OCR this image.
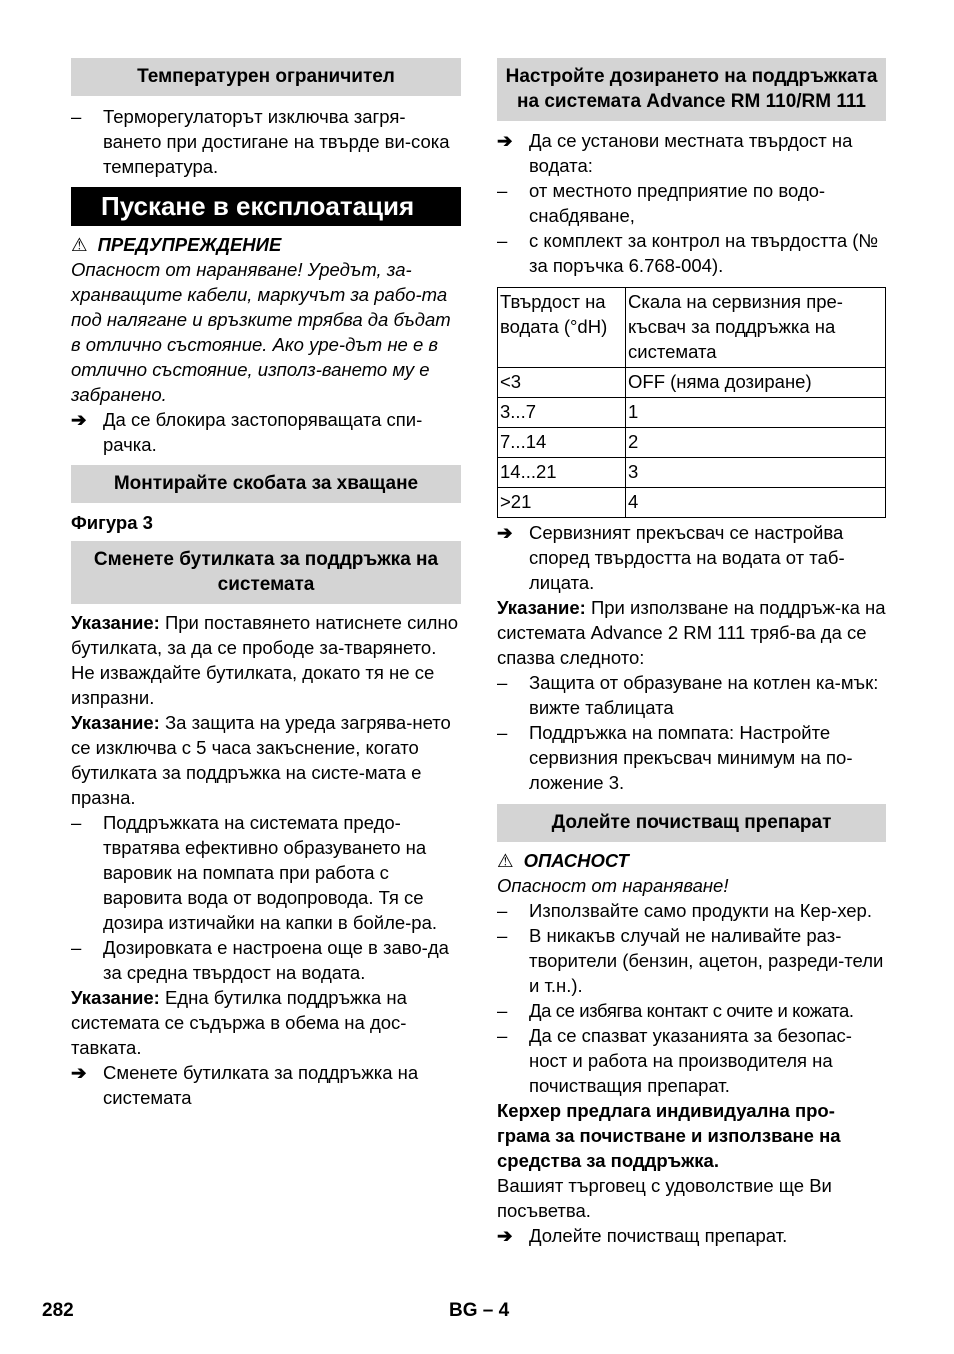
Температурен ограничител
– Терморегулаторът изключва загря-ването при достигане на твърде ви-сока температура.
Пускане в експлоатация

⚠ ПРЕДУПРЕЖДЕНИЕ

Опасност от нараняване! Уредът, за-хранващите кабели, маркучът за рабо-та под налягане и връзките трябва да бъдат в отлично състояние. Ако уре-дът не е в отлично състояние, използ-ването му е забранено.

➔ Да се блокира застопоряващата спи-рачка.
Монтирайте скобата за хващане

Фигура 3

Сменете бутилката за поддръжка на системата

Указание: При поставянето натиснете силно бутилката, за да се прободе за-тварянето. Не изваждайте бутилката, докато тя не се изпразни.

Указание: За защита на уреда загрява-нето се изключва с 5 часа закъснение, когато бутилката за поддръжка на систе-мата е празна.

– Поддръжката на системата предо-твратява ефективно образуването на варовик на помпата при работа с варовита вода от водопровода. Тя се дозира изтичайки на капки в бойле-ра.
– Дозировката е настроена още в заво-да за средна твърдост на водата.

Указание: Една бутилка поддръжка на системата се съдържа в обема на дос-тавката.

➔ Сменете бутилката за поддръжка на системата
Настройте дозирането на поддръжката на системата Advance RM 110/RM 111
➔ Да се установи местната твърдост на водата:
– от местното предприятие по водо-снабдяване,
– с комплект за контрол на твърдостта (№ за поръчка 6.768-004).
Твърдост на водата (°dH)	Скала на сервизния пре-късвач за поддръжка на системата
<3	OFF (няма дозиране)
3...7	1
7...14	2
14...21	3
>21	4
➔ Сервизният прекъсвач се настройва според твърдостта на водата от таб-лицата.

Указание: При използване на поддръж-ка на системата Advance 2 RM 111 тряб-ва да се спазва следното:

– Защита от образуване на котлен ка-мък: вижте таблицата
– Поддръжка на помпата: Настройте сервизния прекъсвач минимум на по-ложение 3.
Долейте почистващ препарат

⚠ ОПАСНОСТ

Опасност от нараняване!

– Използвайте само продукти на Кер-хер.
– В никакъв случай не наливайте раз-творители (бензин, ацетон, разреди-тели и т.н.).
– Да се избягва контакт с очите и кожата.
– Да се спазват указанията за безопас-ност и работа на производителя на почистващия препарат.

Керхер предлага индивидуална про-грама за почистване и използване на средства за поддръжка.

Вашият търговец с удоволствие ще Ви посъветва.

➔ Долейте почистващ препарат.
282	BG – 4
